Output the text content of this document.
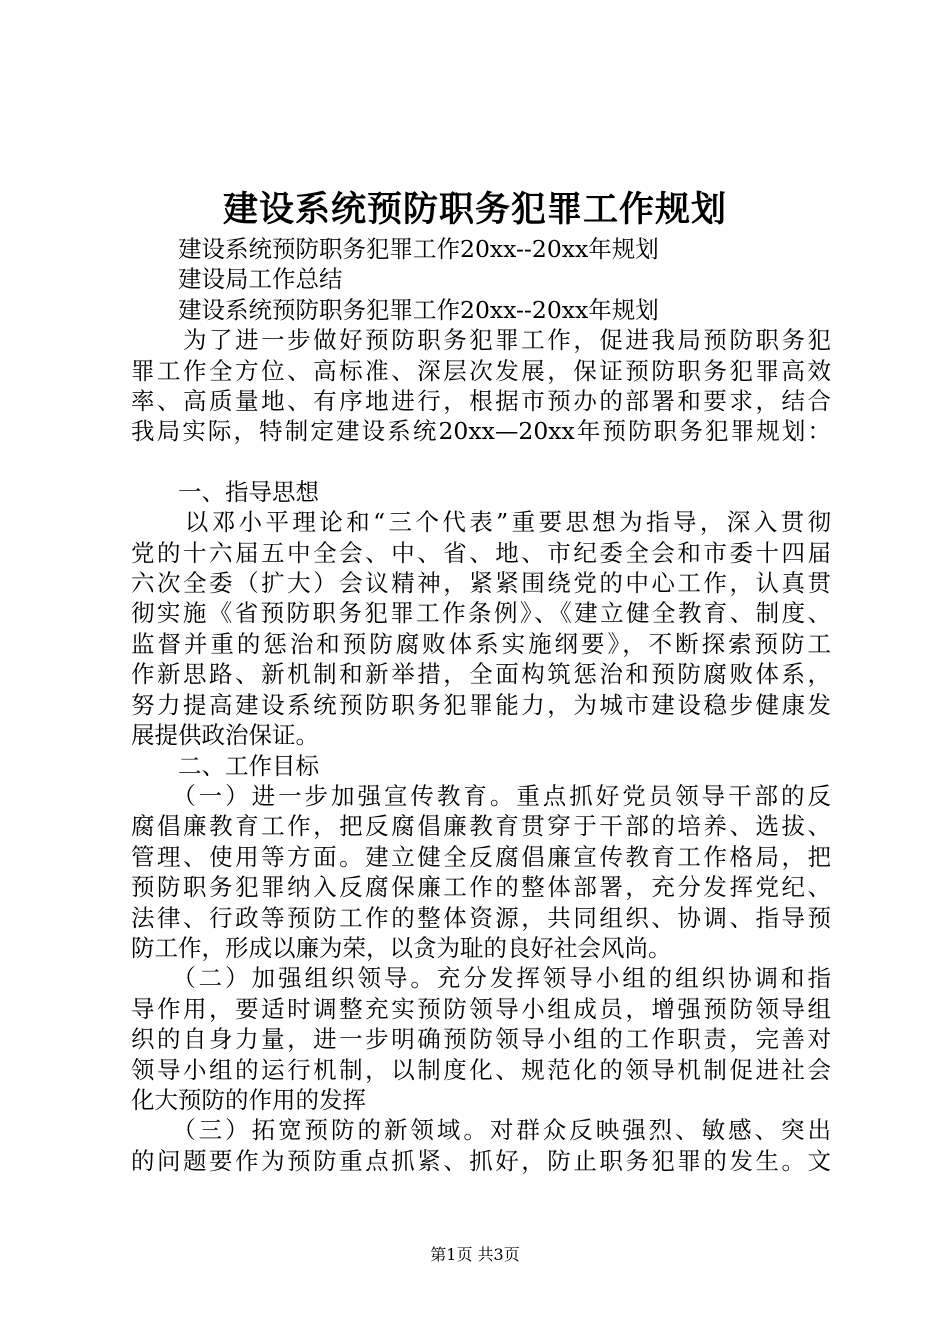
建设系统预防职务犯罪工作规划
　　建设系统预防职务犯罪工作20xx--20xx年规划
　　建设局工作总结
　　建设系统预防职务犯罪工作20xx--20xx年规划
　　为了进一步做好预防职务犯罪工作，促进我局预防职务犯
罪工作全方位、高标准、深层次发展，保证预防职务犯罪高效
率、高质量地、有序地进行，根据市预办的部署和要求，结合
我局实际，特制定建设系统20xx—20xx年预防职务犯罪规划：
　　一、指导思想
　　以邓小平理论和“三个代表”重要思想为指导，深入贯彻
党的十六届五中全会、中、省、地、市纪委全会和市委十四届
六次全委（扩大）会议精神，紧紧围绕党的中心工作，认真贯
彻实施《省预防职务犯罪工作条例》、《建立健全教育、制度、
监督并重的惩治和预防腐败体系实施纲要》，不断探索预防工
作新思路、新机制和新举措，全面构筑惩治和预防腐败体系，
努力提高建设系统预防职务犯罪能力，为城市建设稳步健康发
展提供政治保证。
　　二、工作目标
　　（一）进一步加强宣传教育。重点抓好党员领导干部的反
腐倡廉教育工作，把反腐倡廉教育贯穿于干部的培养、选拔、
管理、使用等方面。建立健全反腐倡廉宣传教育工作格局，把
预防职务犯罪纳入反腐保廉工作的整体部署，充分发挥党纪、
法律、行政等预防工作的整体资源，共同组织、协调、指导预
防工作，形成以廉为荣，以贪为耻的良好社会风尚。
　　（二）加强组织领导。充分发挥领导小组的组织协调和指
导作用，要适时调整充实预防领导小组成员，增强预防领导组
织的自身力量，进一步明确预防领导小组的工作职责，完善对
领导小组的运行机制，以制度化、规范化的领导机制促进社会
化大预防的作用的发挥
　　（三）拓宽预防的新领域。对群众反映强烈、敏感、突出
的问题要作为预防重点抓紧、抓好，防止职务犯罪的发生。文
第1页 共3页
